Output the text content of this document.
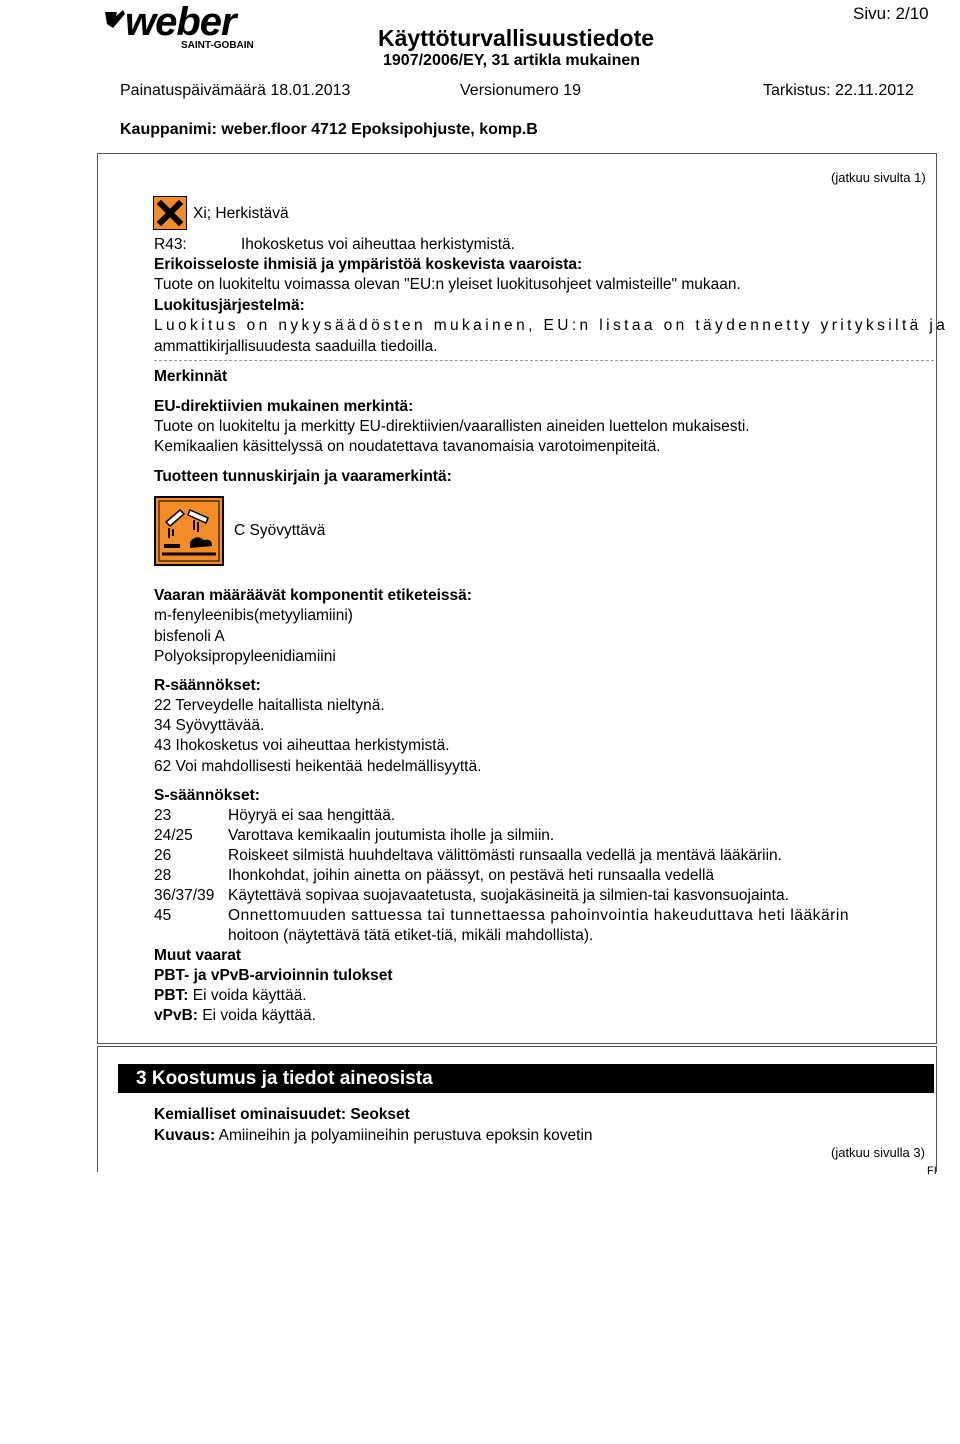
weber
SAINT-GOBAIN
Sivu: 2/10
Käyttöturvallisuustiedote
1907/2006/EY, 31 artikla mukainen
Painatuspäivämäärä 18.01.2013	Versionumero 19	Tarkistus: 22.11.2012
Kauppanimi: weber.floor 4712 Epoksipohjuste, komp.B
(jatkuu sivulta 1)
Xi; Herkistävä
R43:	Ihokosketus voi aiheuttaa herkistymistä.
Erikoisseloste ihmisiä ja ympäristöä koskevista vaaroista:
Tuote on luokiteltu voimassa olevan "EU:n yleiset luokitusohjeet valmisteille" mukaan.
Luokitusjärjestelmä:
Luokitus on nykysäädösten mukainen, EU:n listaa on täydennetty yrityksiltä ja
ammattikirjallisuudesta saaduilla tiedoilla.
Merkinnät
EU-direktiivien mukainen merkintä:
Tuote on luokiteltu ja merkitty EU-direktiivien/vaarallisten aineiden luettelon mukaisesti.
Kemikaalien käsittelyssä on noudatettava tavanomaisia varotoimenpiteitä.
Tuotteen tunnuskirjain ja vaaramerkintä:
C Syövyttävä
Vaaran määräävät komponentit etiketeissä:
m-fenyleenibis(metyyliamiini)
bisfenoli A
Polyoksipropyleenidiamiini
R-säännökset:
22 Terveydelle haitallista nieltynä.
34 Syövyttävää.
43 Ihokosketus voi aiheuttaa herkistymistä.
62 Voi mahdollisesti heikentää hedelmällisyyttä.
S-säännökset:
23	Höyryä ei saa hengittää.
24/25 Varottava kemikaalin joutumista iholle ja silmiin.
26	Roiskeet silmistä huuhdeltava välittömästi runsaalla vedellä ja mentävä lääkäriin.
28	Ihonkohdat, joihin ainetta on päässyt, on pestävä heti runsaalla vedellä
36/37/39 Käytettävä sopivaa suojavaatetusta, suojakäsineitä ja silmien-tai kasvonsuojainta.
45	Onnettomuuden sattuessa tai tunnettaessa pahoinvointia hakeuduttava heti lääkärin
hoitoon (näytettävä tätä etiket-tiä, mikäli mahdollista).
Muut vaarat
PBT- ja vPvB-arvioinnin tulokset
PBT: Ei voida käyttää.
vPvB: Ei voida käyttää.
3 Koostumus ja tiedot aineosista
Kemialliset ominaisuudet: Seokset
Kuvaus: Amiineihin ja polyamiineihin perustuva epoksin kovetin
(jatkuu sivulla 3)
FI
